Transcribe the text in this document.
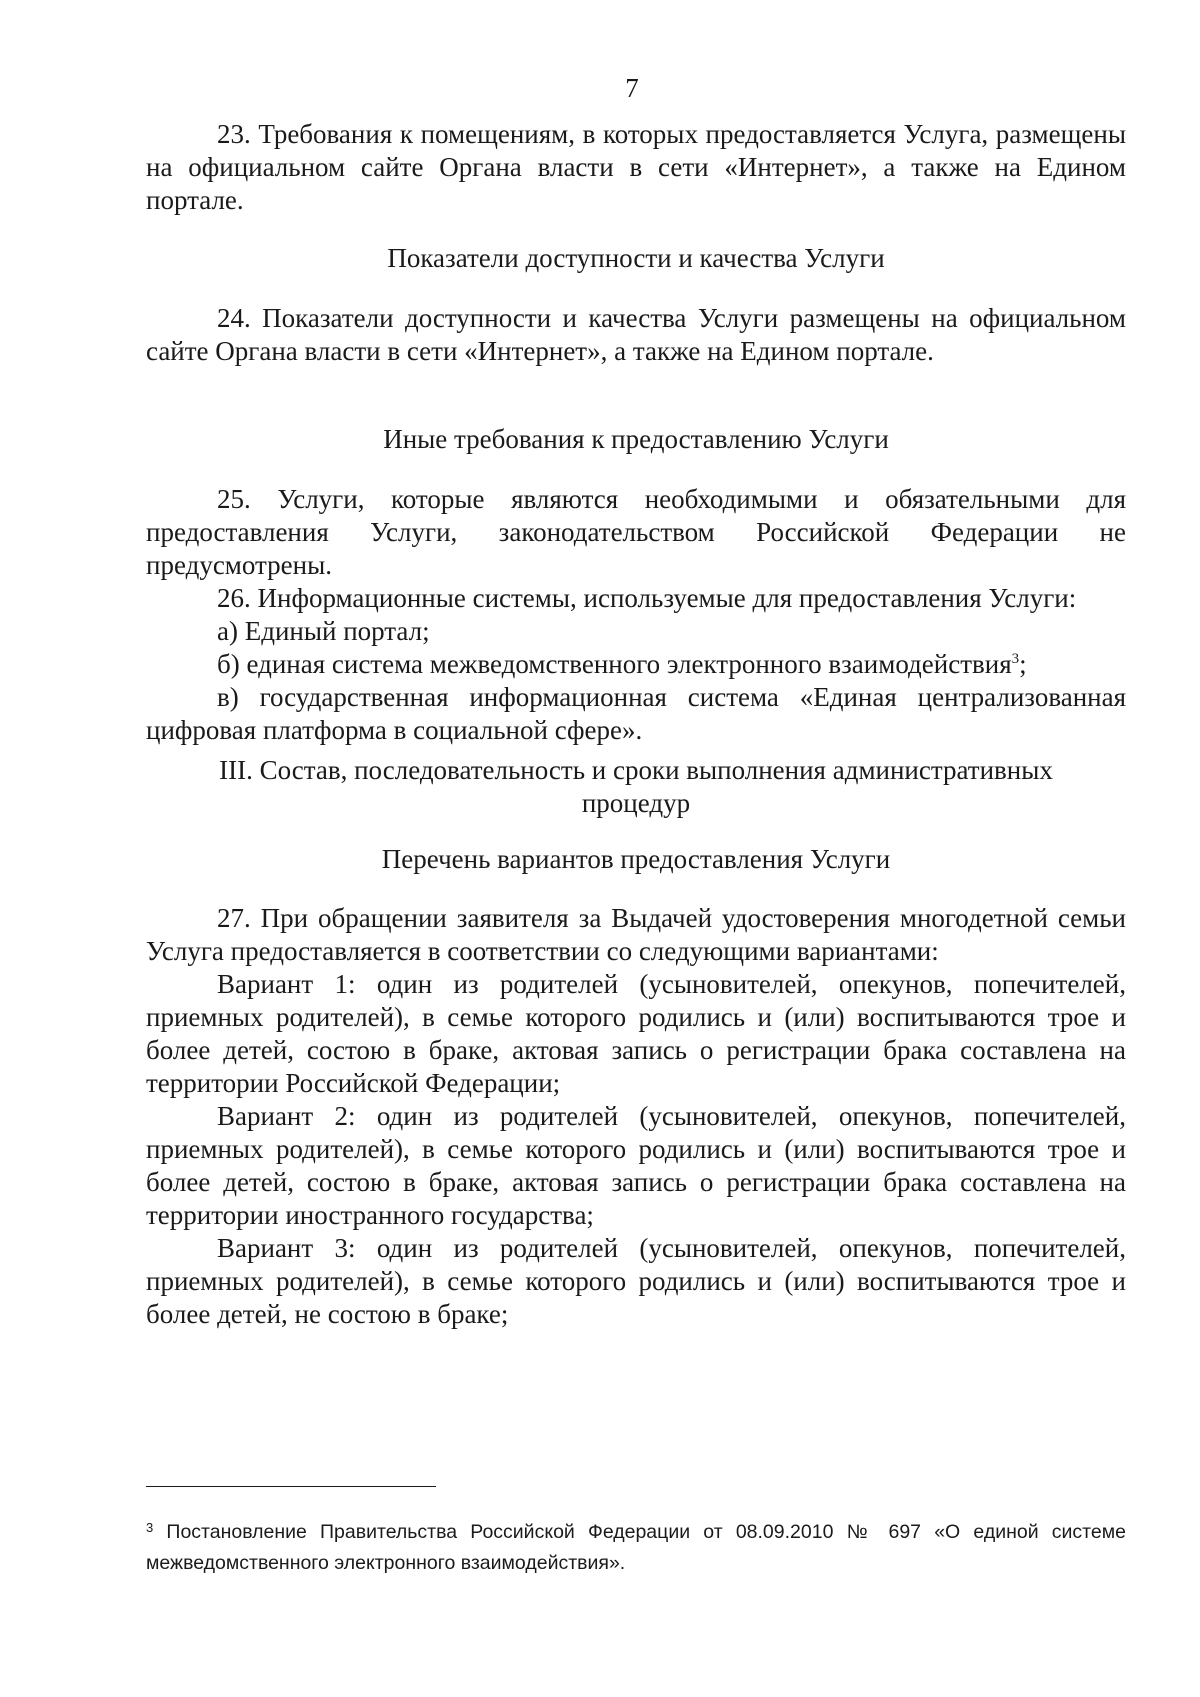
7

23. Требования к помещениям, в которых предоставляется Услуга, размещены на официальном сайте Органа власти в сети «Интернет», а также на Едином портале.

Показатели доступности и качества Услуги

24. Показатели доступности и качества Услуги размещены на официальном сайте Органа власти в сети «Интернет», а также на Едином портале.

Иные требования к предоставлению Услуги

25. Услуги, которые являются необходимыми и обязательными для предоставления Услуги, законодательством Российской Федерации не предусмотрены.

26. Информационные системы, используемые для предоставления Услуги:

а) Единый портал;

б) единая система межведомственного электронного взаимодействия$^3$;

в) государственная информационная система «Единая централизованная цифровая платформа в социальной сфере».

III. Состав, последовательность и сроки выполнения административных

процедур

Перечень вариантов предоставления Услуги

27. При обращении заявителя за Выдачей удостоверения многодетной семьи Услуга предоставляется в соответствии со следующими вариантами:

Вариант 1: один из родителей (усыновителей, опекунов, попечителей, приемных родителей), в семье которого родились и (или) воспитываются трое и более детей, состою в браке, актовая запись о регистрации брака составлена на территории Российской Федерации;

Вариант 2: один из родителей (усыновителей, опекунов, попечителей, приемных родителей), в семье которого родились и (или) воспитываются трое и более детей, состою в браке, актовая запись о регистрации брака составлена на территории иностранного государства;

Вариант 3: один из родителей (усыновителей, опекунов, попечителей, приемных родителей), в семье которого родились и (или) воспитываются трое и более детей, не состою в браке;

$^3$ Постановление Правительства Российской Федерации от 08.09.2010 № 697 «О единой системе межведомственного электронного взаимодействия».
